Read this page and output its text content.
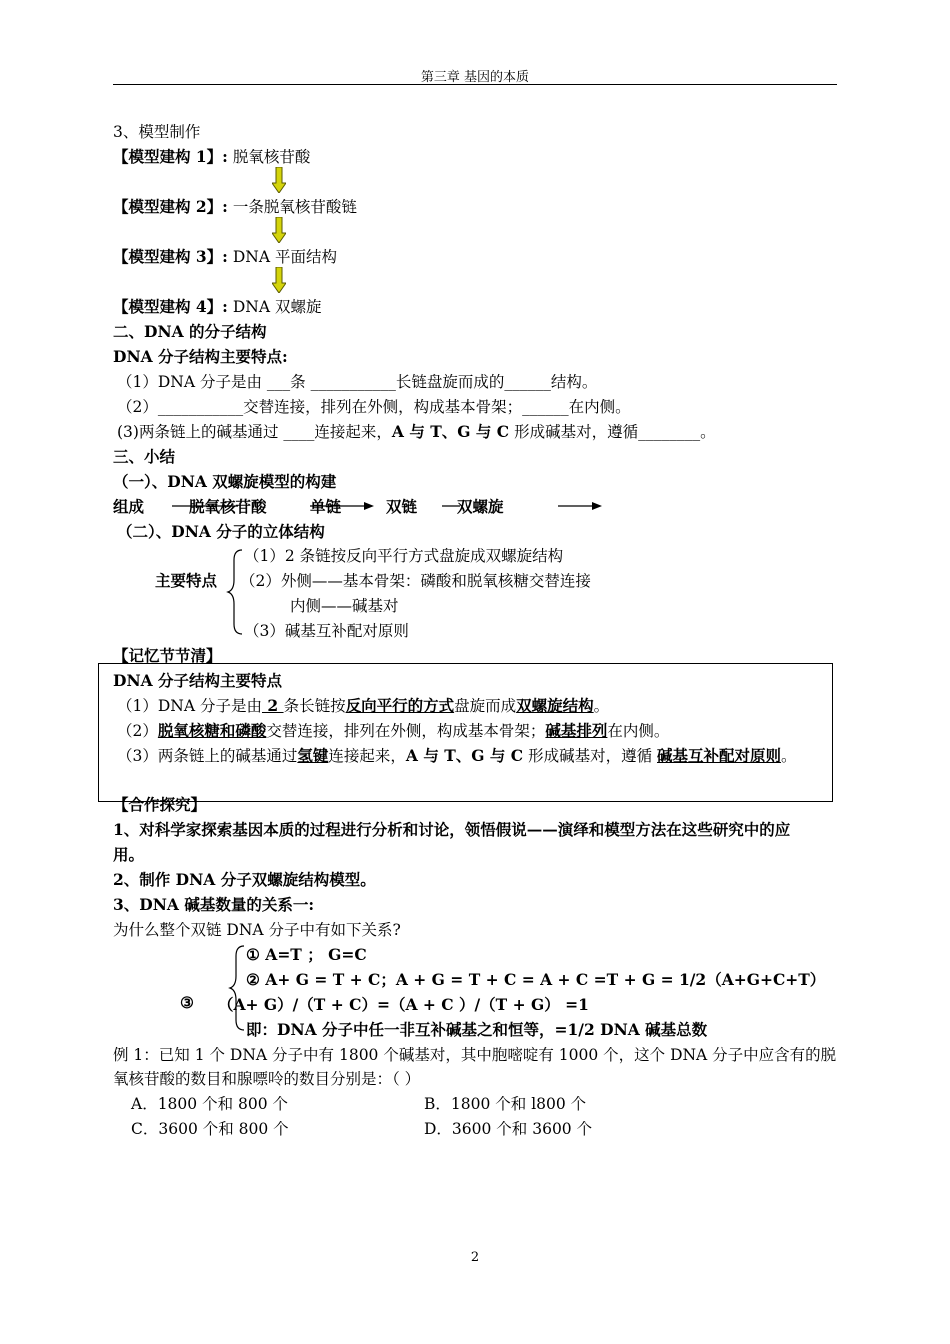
第三章 基因的本质
3、模型制作
【模型建构 1】: 脱氧核苷酸
【模型建构 2】: 一条脱氧核苷酸链
【模型建构 3】: DNA 平面结构
【模型建构 4】: DNA 双螺旋
二、DNA 的分子结构
DNA 分子结构主要特点:
（1）DNA 分子是由 ___条 ___________长链盘旋而成的______结构。
（2）___________交替连接，排列在外侧，构成基本骨架；______在内侧。
(3)两条链上的碱基通过 ____连接起来，A 与 T、G 与 C 形成碱基对，遵循________。
三、小结
（一）、DNA 双螺旋模型的构建
组成	脱氧核苷酸	单链	双链	双螺旋
（二）、DNA 分子的立体结构
主要特点
（1）2 条链按反向平行方式盘旋成双螺旋结构
（2）外侧——基本骨架：磷酸和脱氧核糖交替连接
内侧——碱基对
（3）碱基互补配对原则
【记忆节节清】
DNA 分子结构主要特点
（1）DNA 分子是由 2 条长链按反向平行的方式盘旋而成双螺旋结构。
（2）脱氧核糖和磷酸交替连接，排列在外侧，构成基本骨架；碱基排列在内侧。
（3）两条链上的碱基通过氢键连接起来，A 与 T、G 与 C 形成碱基对，遵循 碱基互补配对原则。
【合作探究】
1、对科学家探索基因本质的过程进行分析和讨论，领悟假说——演绎和模型方法在这些研究中的应
用。
2、制作 DNA 分子双螺旋结构模型。
3、DNA 碱基数量的关系一:
为什么整个双链 DNA 分子中有如下关系?
① A=T ； G=C
② A+ G = T + C；A + G = T + C = A + C =T + G = 1/2（A+G+C+T）
③ （A+ G）/（T + C）=（A + C ）/（T + G） =1
即：DNA 分子中任一非互补碱基之和恒等，=1/2 DNA 碱基总数
例 1：已知 1 个 DNA 分子中有 1800 个碱基对，其中胞嘧啶有 1000 个，这个 DNA 分子中应含有的脱
氧核苷酸的数目和腺嘌呤的数目分别是：（ ）
A．1800 个和 800 个	B．1800 个和 l800 个
C．3600 个和 800 个	D．3600 个和 3600 个
2
